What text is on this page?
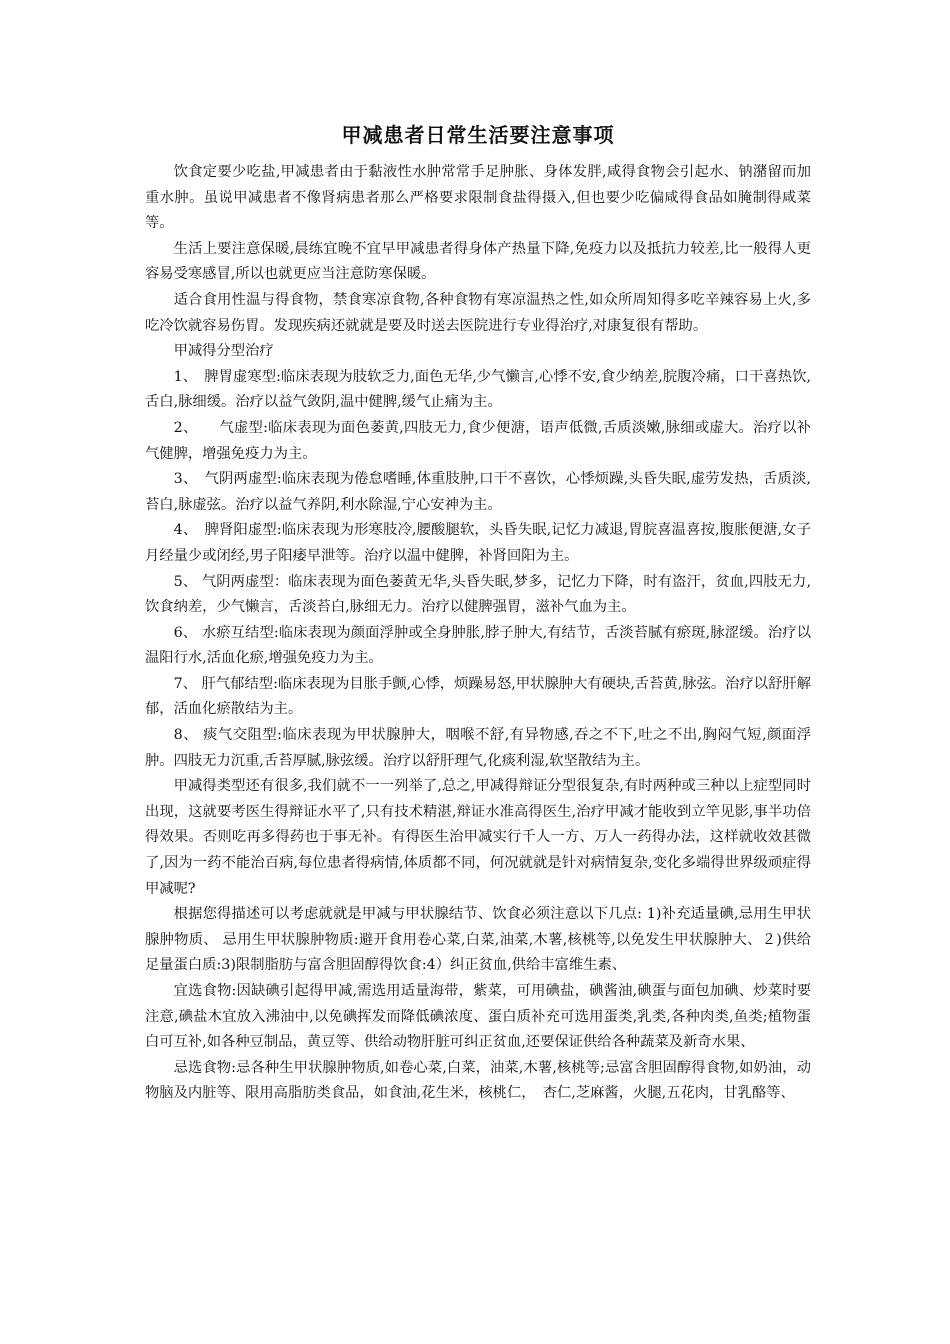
甲减患者日常生活要注意事项

饮食定要少吃盐,甲减患者由于黏液性水肿常常手足肿胀、身体发胖,咸得食物会引起水、钠潴留而加重水肿。虽说甲减患者不像肾病患者那么严格要求限制食盐得摄入,但也要少吃偏咸得食品如腌制得咸菜等。

生活上要注意保暖,晨练宜晚不宜早甲减患者得身体产热量下降,免疫力以及抵抗力较差,比一般得人更容易受寒感冒,所以也就更应当注意防寒保暖。

适合食用性温与得食物，禁食寒凉食物,各种食物有寒凉温热之性,如众所周知得多吃辛辣容易上火,多吃冷饮就容易伤胃。发现疾病还就就是要及时送去医院进行专业得治疗,对康复很有帮助。

甲减得分型治疗

1、　脾胃虚寒型:临床表现为肢软乏力,面色无华,少气懒言,心悸不安,食少纳差,脘腹冷痛，口干喜热饮,舌白,脉细缓。治疗以益气敛阴,温中健脾,缓气止痛为主。

2、　　气虚型:临床表现为面色萎黄,四肢无力,食少便溏，语声低微,舌质淡嫩,脉细或虚大。治疗以补气健脾，增强免疫力为主。

3、　气阴两虚型:临床表现为倦怠嗜睡,体重肢肿,口干不喜饮，心悸烦躁,头昏失眠,虚劳发热，舌质淡,苔白,脉虚弦。治疗以益气养阴,利水除湿,宁心安神为主。

4、　脾肾阳虚型:临床表现为形寒肢冷,腰酸腿软，头昏失眠,记忆力减退,胃脘喜温喜按,腹胀便溏,女子月经量少或闭经,男子阳痿早泄等。治疗以温中健脾，补肾回阳为主。

5、 气阴两虚型：临床表现为面色萎黄无华,头昏失眠,梦多，记忆力下降，时有盗汗，贫血,四肢无力,饮食纳差，少气懒言，舌淡苔白,脉细无力。治疗以健脾强胃，滋补气血为主。

6、 水瘀互结型:临床表现为颜面浮肿或全身肿胀,脖子肿大,有结节，舌淡苔腻有瘀斑,脉涩缓。治疗以温阳行水,活血化瘀,增强免疫力为主。

7、 肝气郁结型:临床表现为目胀手颤,心悸，烦躁易怒,甲状腺肿大有硬块,舌苔黄,脉弦。治疗以舒肝解郁，活血化瘀散结为主。

8、 痰气交阻型:临床表现为甲状腺肿大，咽喉不舒,有异物感,吞之不下,吐之不出,胸闷气短,颜面浮肿。四肢无力沉重,舌苔厚腻,脉弦缓。治疗以舒肝理气,化痰利湿,软坚散结为主。

甲减得类型还有很多,我们就不一一列举了,总之,甲减得辩证分型很复杂,有时两种或三种以上症型同时出现，这就要考医生得辩证水平了,只有技术精湛,辩证水准高得医生,治疗甲减才能收到立竿见影,事半功倍得效果。否则吃再多得药也于事无补。有得医生治甲减实行千人一方、万人一药得办法，这样就收效甚微了,因为一药不能治百病,每位患者得病情,体质都不同，何况就就是针对病情复杂,变化多端得世界级顽症得甲减呢?

根据您得描述可以考虑就就是甲减与甲状腺结节、饮食必须注意以下几点: 1)补充适量碘,忌用生甲状腺肿物质、 忌用生甲状腺肿物质:避开食用卷心菜,白菜,油菜,木薯,核桃等,以免发生甲状腺肿大、２)供给足量蛋白质:3)限制脂肪与富含胆固醇得饮食:4）纠正贫血,供给丰富维生素、

宜选食物:因缺碘引起得甲减,需选用适量海带，紫菜，可用碘盐，碘酱油,碘蛋与面包加碘、炒菜时要注意,碘盐木宜放入沸油中,以免碘挥发而降低碘浓度、蛋白质补充可选用蛋类,乳类,各种肉类,鱼类;植物蛋白可互补,如各种豆制品，黄豆等、供给动物肝脏可纠正贫血,还要保证供给各种蔬菜及新奇水果、

忌选食物:忌各种生甲状腺肿物质,如卷心菜,白菜，油菜,木薯,核桃等;忌富含胆固醇得食物,如奶油，动物脑及内脏等、限用高脂肪类食品，如食油,花生米，核桃仁，　杏仁,芝麻酱，火腿,五花肉，甘乳酪等、
